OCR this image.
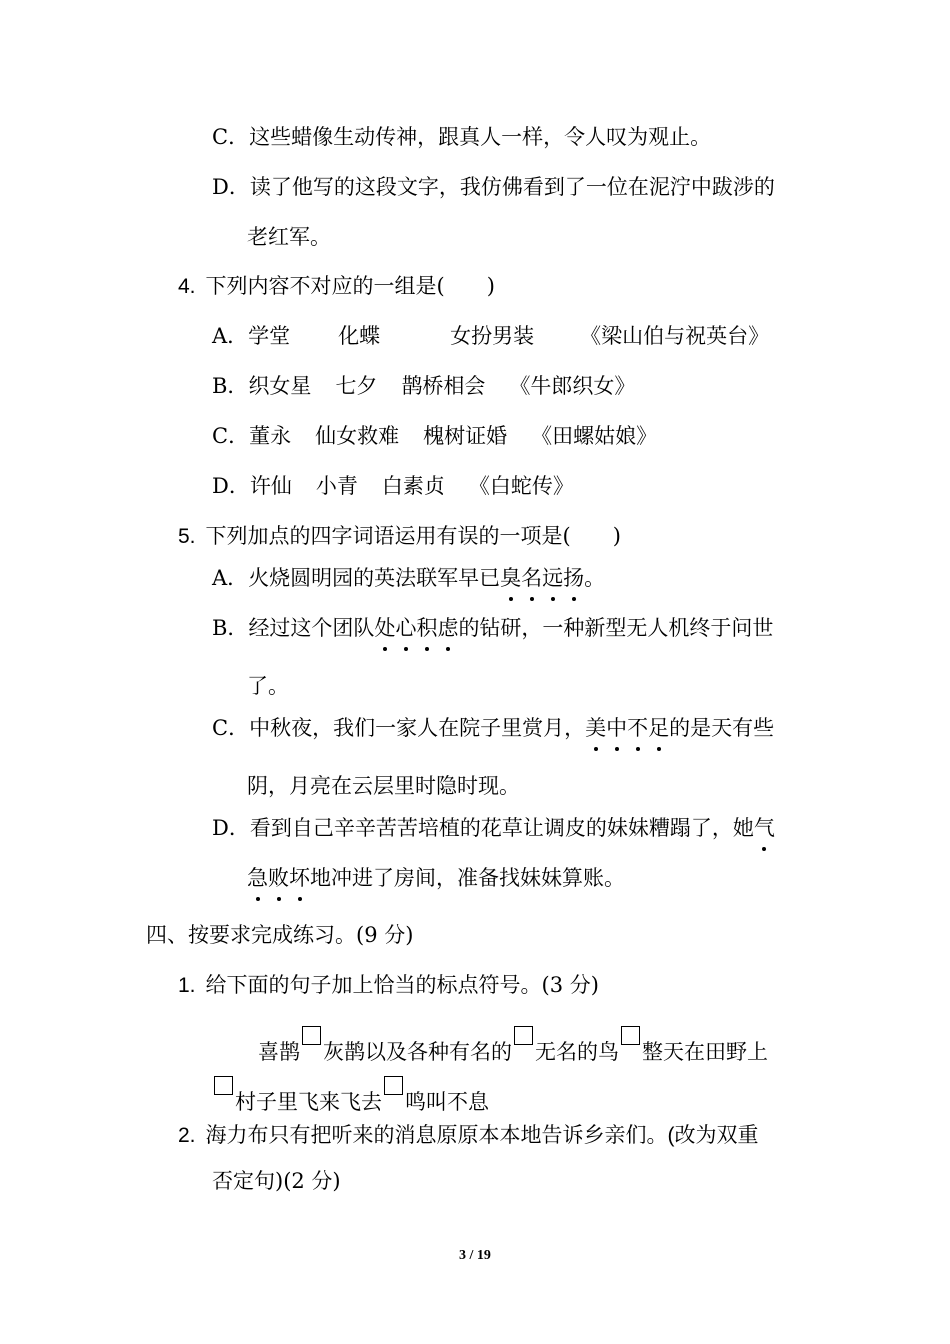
C．这些蜡像生动传神，跟真人一样，令人叹为观止。
D．读了他写的这段文字，我仿佛看到了一位在泥泞中跋涉的
老红军。
4. 下列内容不对应的一组是(　　)
A．学堂 化蝶	女扮男装 《梁山伯与祝英台》
B．织女星 七夕 鹊桥相会 《牛郎织女》
C．董永 仙女救难 槐树证婚 《田螺姑娘》
D．许仙 小青 白素贞 《白蛇传》
5. 下列加点的四字词语运用有误的一项是(　　)
A．火烧圆明园的英法联军早已臭名远扬。
B．经过这个团队处心积虑的钻研，一种新型无人机终于问世
了。
C．中秋夜，我们一家人在院子里赏月，美中不足的是天有些
阴，月亮在云层里时隐时现。
D．看到自己辛辛苦苦培植的花草让调皮的妹妹糟蹋了，她气
急败坏地冲进了房间，准备找妹妹算账。
四、按要求完成练习。(9 分)
1. 给下面的句子加上恰当的标点符号。(3 分)
喜鹊 灰鹊以及各种有名的 无名的鸟 整天在田野上
村子里飞来飞去 鸣叫不息
2. 海力布只有把听来的消息原原本本地告诉乡亲们。(改为双重
否定句)(2 分)
3 / 19
